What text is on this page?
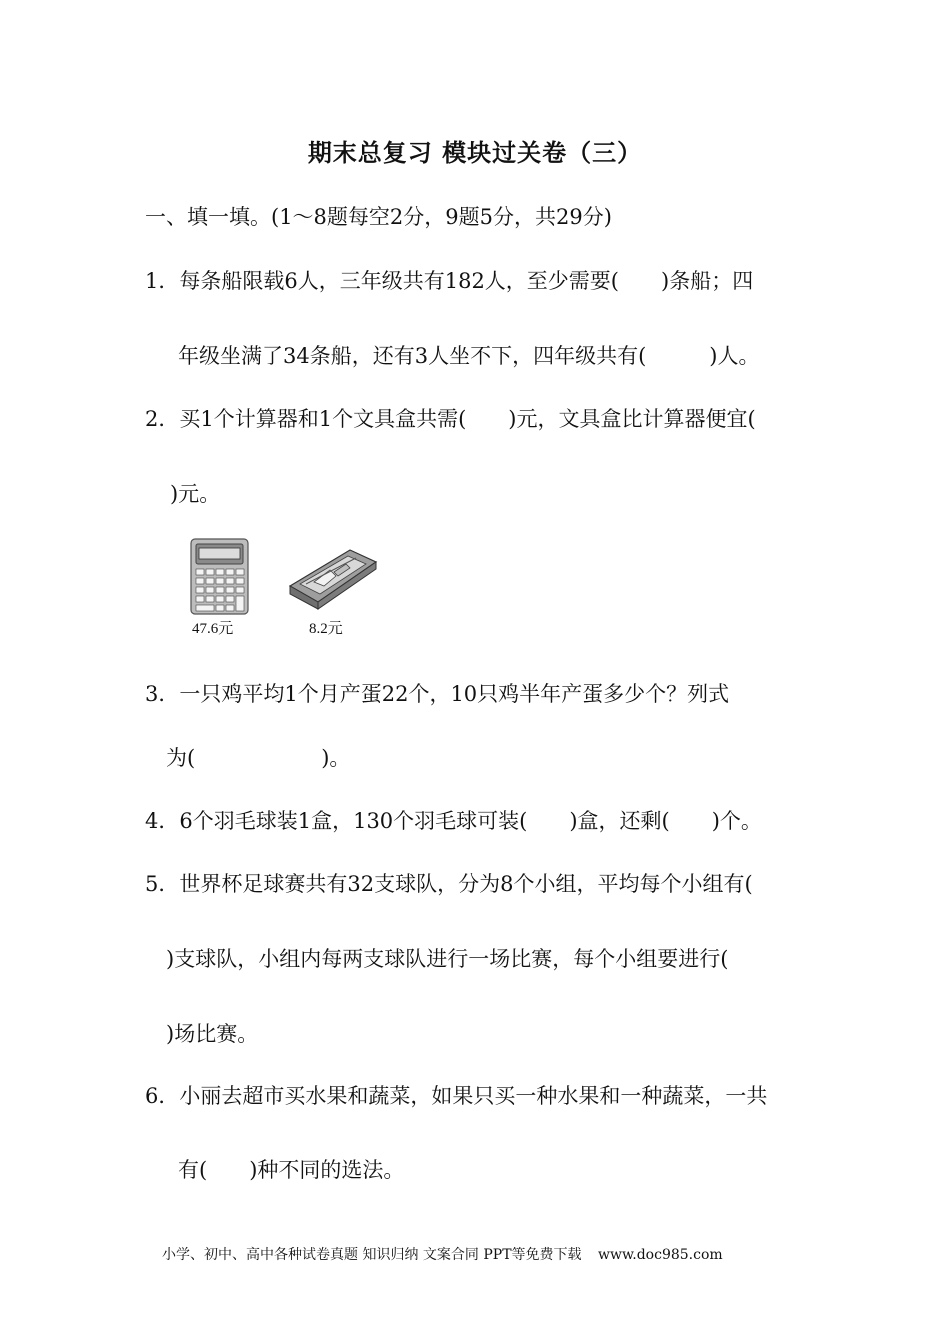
期末总复习 模块过关卷（三）
一、填一填。(1～8题每空2分，9题5分，共29分)
1．每条船限载6人，三年级共有182人，至少需要(　　)条船；四
年级坐满了34条船，还有3人坐不下，四年级共有(　　　)人。
2．买1个计算器和1个文具盒共需(　　)元，文具盒比计算器便宜(
)元。
47.6元	8.2元
3．一只鸡平均1个月产蛋22个，10只鸡半年产蛋多少个？列式
为(　　　　　　)。
4．6个羽毛球装1盒，130个羽毛球可装(　　)盒，还剩(　　)个。
5．世界杯足球赛共有32支球队，分为8个小组，平均每个小组有(
)支球队，小组内每两支球队进行一场比赛，每个小组要进行(
)场比赛。
6．小丽去超市买水果和蔬菜，如果只买一种水果和一种蔬菜，一共
有(　　)种不同的选法。
小学、初中、高中各种试卷真题 知识归纳 文案合同 PPT等免费下载 www.doc985.com
